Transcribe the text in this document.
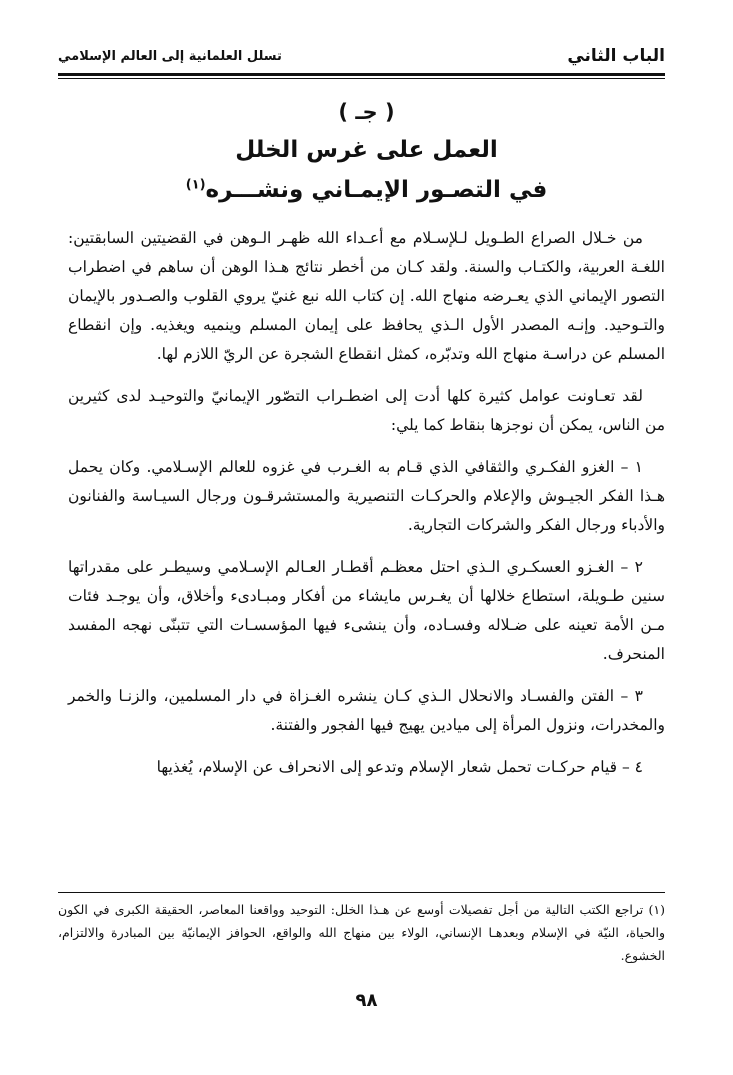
الباب الثاني
تسلل العلمانية إلى العالم الإسلامي
( جـ )
العمل على غرس الخلل
في التصـور الإيمـاني ونشـــره$^{(١)}$

من خـلال الصراع الطـويل لـلإسـلام مع أعـداء الله ظهـر الـوهن في القضيتين السابقتين: اللغـة العربية، والكتـاب والسنة. ولقد كـان من أخطر نتائج هـذا الوهن أن ساهم في اضطراب التصور الإيماني الذي يعـرضه منهاج الله. إن كتاب الله نبع غنيّ يروي القلوب والصـدور بالإيمان والتـوحيد. وإنـه المصدر الأول الـذي يحافظ على إيمان المسلم وينميه ويغذيه. وإن انقطاع المسلم عن دراسـة منهاج الله وتدبّره، كمثل انقطاع الشجرة عن الريّ اللازم لها.

لقد تعـاونت عوامل كثيرة كلها أدت إلى اضطـراب التصّور الإيمانيّ والتوحيـد لدى كثيرين من الناس، يمكن أن نوجزها بنقاط كما يلي:

١ – الغزو الفكـري والثقافي الذي قـام به الغـرب في غزوه للعالم الإسـلامي. وكان يحمل هـذا الفكر الجيـوش والإعلام والحركـات التنصيرية والمستشرقـون ورجال السيـاسة والفنانون والأدباء ورجال الفكر والشركات التجارية.

٢ – الغـزو العسكـري الـذي احتل معظـم أقطـار العـالم الإسـلامي وسيطـر على مقدراتها سنين طـويلة، استطاع خلالها أن يغـرس مايشاء من أفكار ومبـادىء وأخلاق، وأن يوجـد فئات مـن الأمة تعينه على ضـلاله وفسـاده، وأن ينشىء فيها المؤسسـات التي تتبنّى نهجه المفسد المنحرف.

٣ – الفتن والفسـاد والانحلال الـذي كـان ينشره الغـزاة في دار المسلمين، والزنـا والخمر والمخدرات، ونزول المرأة إلى ميادين يهيج فيها الفجور والفتنة.

٤ – قيام حركـات تحمل شعار الإسلام وتدعو إلى الانحراف عن الإسلام، يُغذيها

(١) تراجع الكتب التالية من أجل تفصيلات أوسع عن هـذا الخلل: التوحيد وواقعنا المعاصر، الحقيقة الكبرى في الكون والحياة، النيّة في الإسلام وبعدهـا الإنساني، الولاء بين منهاج الله والواقع، الحوافز الإيمانيّة بين المبادرة والالتزام، الخشوع.
٩٨
